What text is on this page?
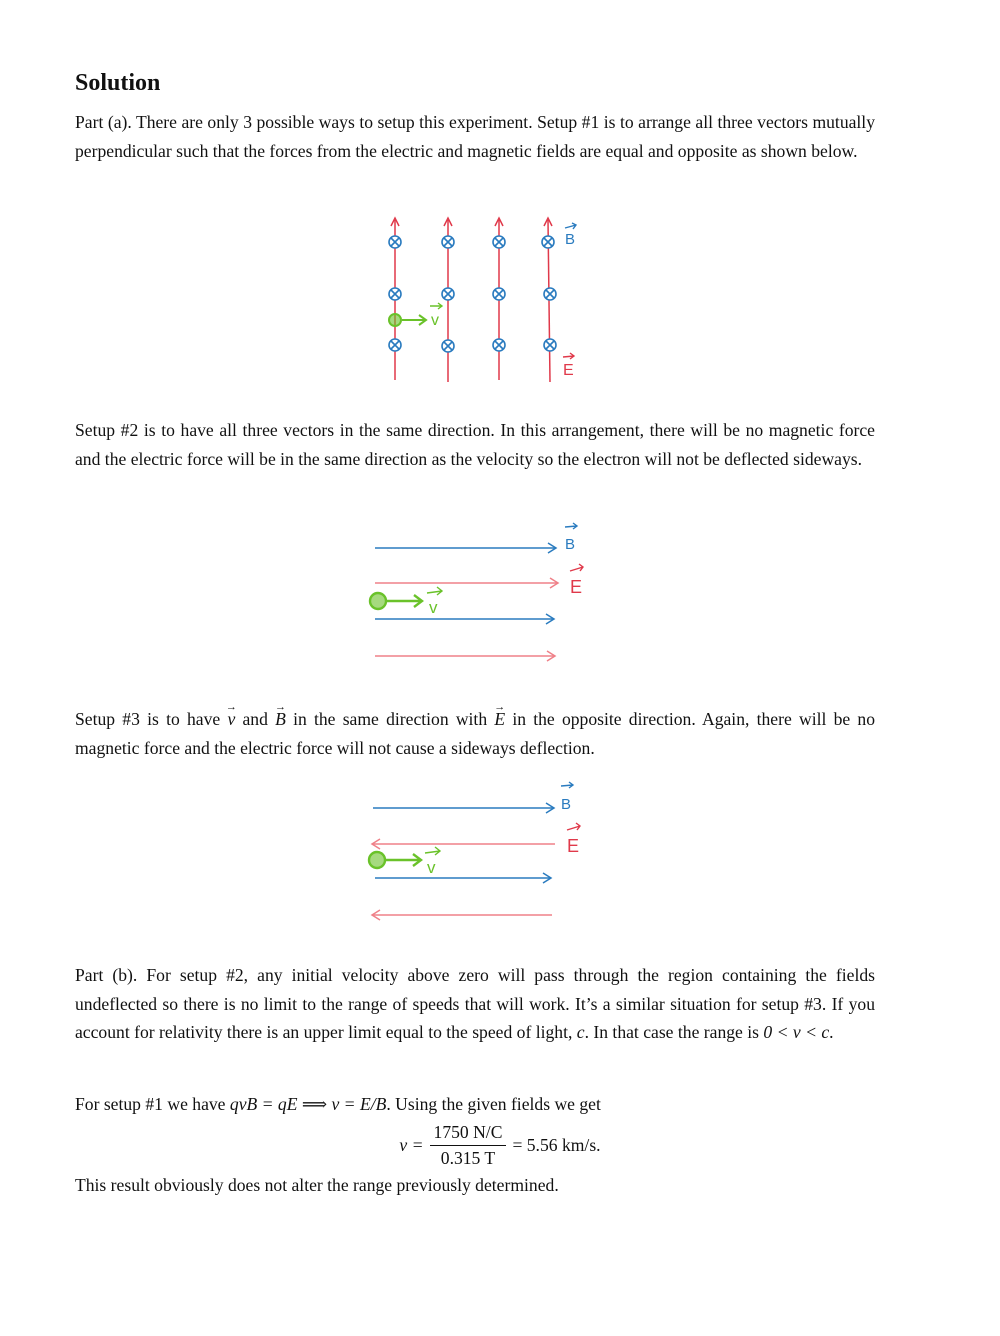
Solution

Part (a). There are only 3 possible ways to setup this experiment. Setup #1 is to arrange all three vectors mutually perpendicular such that the forces from the electric and magnetic fields are equal and opposite as shown below.

v
B
E

Setup #2 is to have all three vectors in the same direction. In this arrangement, there will be no magnetic force and the electric force will be in the same direction as the velocity so the electron will not be deflected sideways.

v
B
E

Setup #3 is to have → v and → B in the same direction with → E in the opposite direction. Again, there will be no magnetic force and the electric force will not cause a sideways deflection.

v
B
E

Part (b). For setup #2, any initial velocity above zero will pass through the region containing the fields undeflected so there is no limit to the range of speeds that will work. It’s a similar situation for setup #3. If you account for relativity there is an upper limit equal to the speed of light, c. In that case the range is 0 < v < c.

For setup #1 we have qvB = qE ⟹ v = E/B. Using the given fields we get

$v = \frac{1750 N/C}{0.315 T} = 5.56$ km/s.

This result obviously does not alter the range previously determined.
